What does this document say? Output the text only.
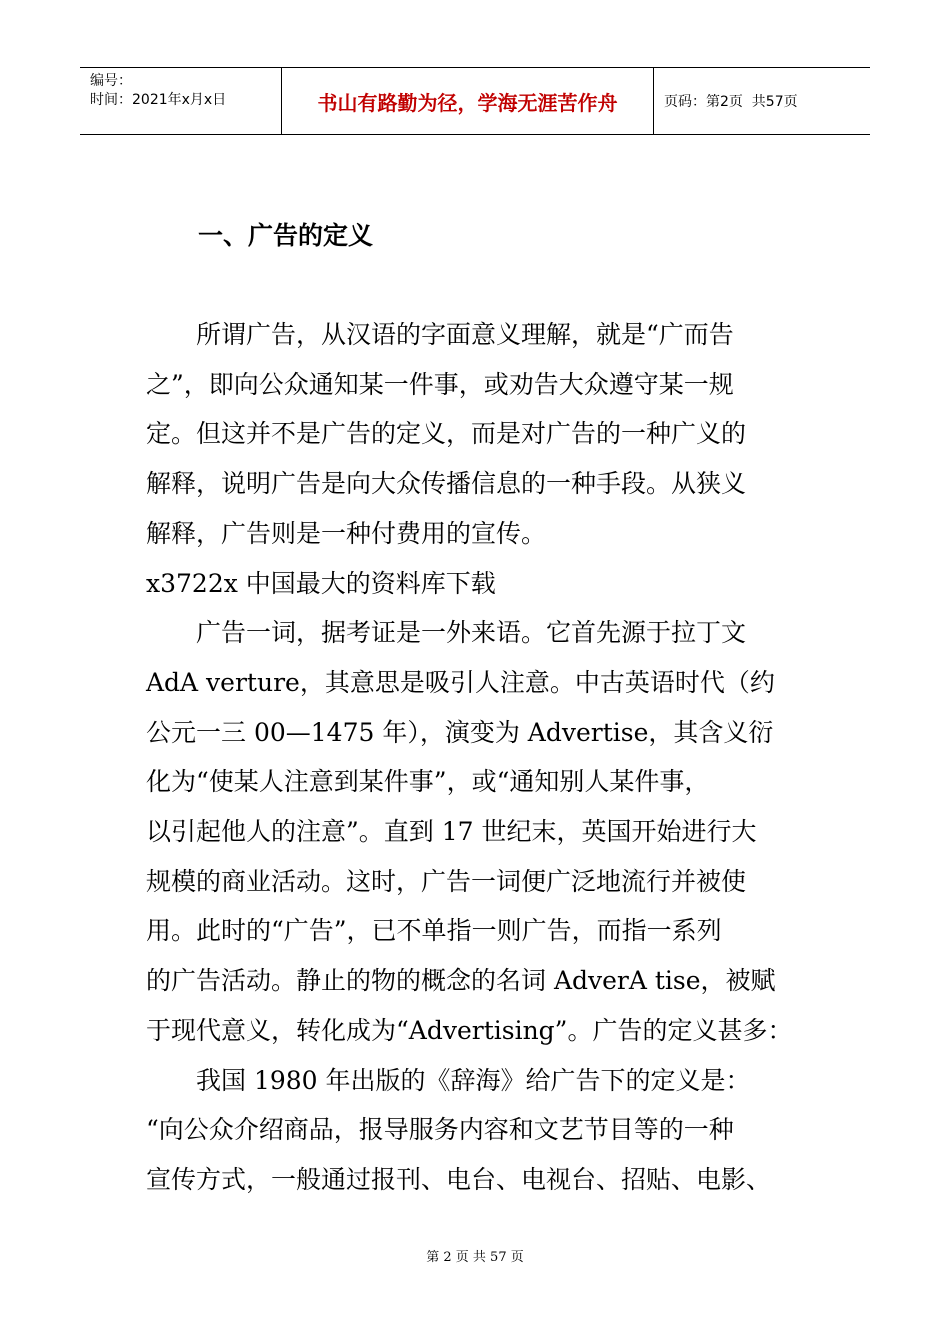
编号：
时间：2021年x月x日	书山有路勤为径，学海无涯苦作舟	页码：第2页  共57页
一、广告的定义

　　所谓广告，从汉语的字面意义理解，就是“广而告

之”，即向公众通知某一件事，或劝告大众遵守某一规

定。但这并不是广告的定义，而是对广告的一种广义的

解释，说明广告是向大众传播信息的一种手段。从狭义

解释，广告则是一种付费用的宣传。

x3722x 中国最大的资料库下载

　　广告一词，据考证是一外来语。它首先源于拉丁文

AdA verture，其意思是吸引人注意。中古英语时代（约

公元一三 00—1475 年），演变为 Advertise，其含义衍

化为“使某人注意到某件事”，或“通知别人某件事，

以引起他人的注意”。直到 17 世纪末，英国开始进行大

规模的商业活动。这时，广告一词便广泛地流行并被使

用。此时的“广告”，已不单指一则广告，而指一系列

的广告活动。静止的物的概念的名词 AdverA tise，被赋

于现代意义，转化成为“Advertising”。广告的定义甚多：

　　我国 1980 年出版的《辞海》给广告下的定义是：

“向公众介绍商品，报导服务内容和文艺节目等的一种

宣传方式，一般通过报刊、电台、电视台、招贴、电影、

第 2 页 共 57 页
